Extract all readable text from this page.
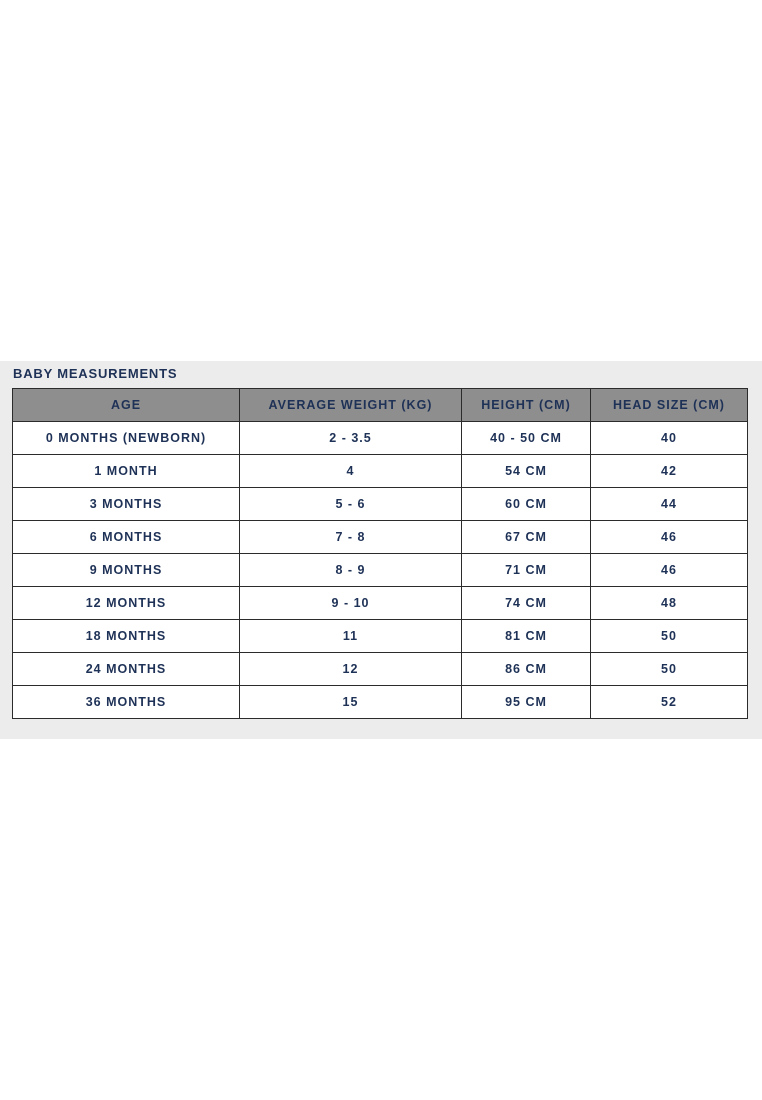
BABY MEASUREMENTS
AGE	AVERAGE WEIGHT (KG)	HEIGHT (CM)	HEAD SIZE (CM)
0 MONTHS (NEWBORN)	2 - 3.5	40 - 50 CM	40
1 MONTH	4	54 CM	42
3 MONTHS	5 - 6	60 CM	44
6 MONTHS	7 - 8	67 CM	46
9 MONTHS	8 - 9	71 CM	46
12 MONTHS	9 - 10	74 CM	48
18 MONTHS	11	81 CM	50
24 MONTHS	12	86 CM	50
36 MONTHS	15	95 CM	52
